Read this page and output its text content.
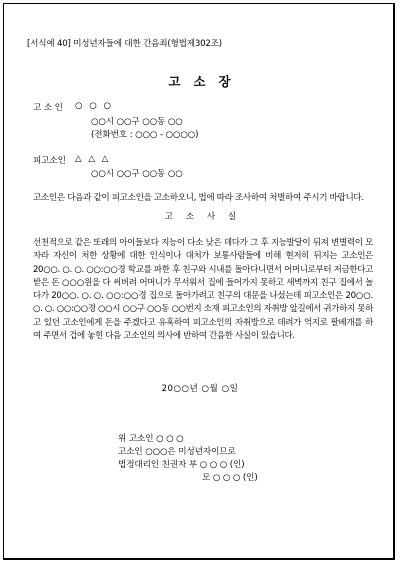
[서식예 40] 미성년자들에 대한 간음죄(형법제302조)
고소장
고 소 인 ○ ○ ○
○○시 ○○구 ○○동 ○○
(전화번호 : ○○○ - ○○○○)
피고소인 △ △ △
○○시 ○○구 ○○동 ○○
고소인은 다음과 같이 피고소인을 고소하오니, 법에 따라 조사하여 처벌하여 주시기 바랍니다.
고 소 사 실

선천적으로 같은 또래의 아이들보다 지능이 다소 낮은 데다가 그 후 지능발달이 뒤져 변별력이 모자라 자신이 처한 상황에 대한 인식이나 대처가 보통사람들에 비해 현저히 뒤지는 고소인은 20○○. ○. ○. ○○:○○경 학교를 파한 후 친구와 시내를 돌아다니면서 어머니로부터 저금한다고 받은 돈 ○○○원을 다 써버려 어머니가 무서워서 집에 들어가지 못하고 새벽까지 친구 집에서 놀다가 20○○. ○. ○. ○○:○○경 집으로 돌아가려고 친구의 대문을 나섰는데 피고소인은 20○○. ○. ○. ○○:○○경 ○○시 ○○구 ○○동 ○○번지 소재 피고소인의 자취방 앞길에서 귀가하지 못하고 있던 고소인에게 돈을 주겠다고 유혹하여 피고소인의 자취방으로 데려가 억지로 팔베개를 하여 주면서 겁에 놓힌 다음 고소인의 의사에 반하여 간음한 사실이 있습니다.

20○○년 ○월 ○일
위 고소인 ○ ○ ○
고소인 ○○○은 미성년자이므로
법정대리인 친권자 부 ○ ○ ○ (인)
모 ○ ○ ○ (인)
